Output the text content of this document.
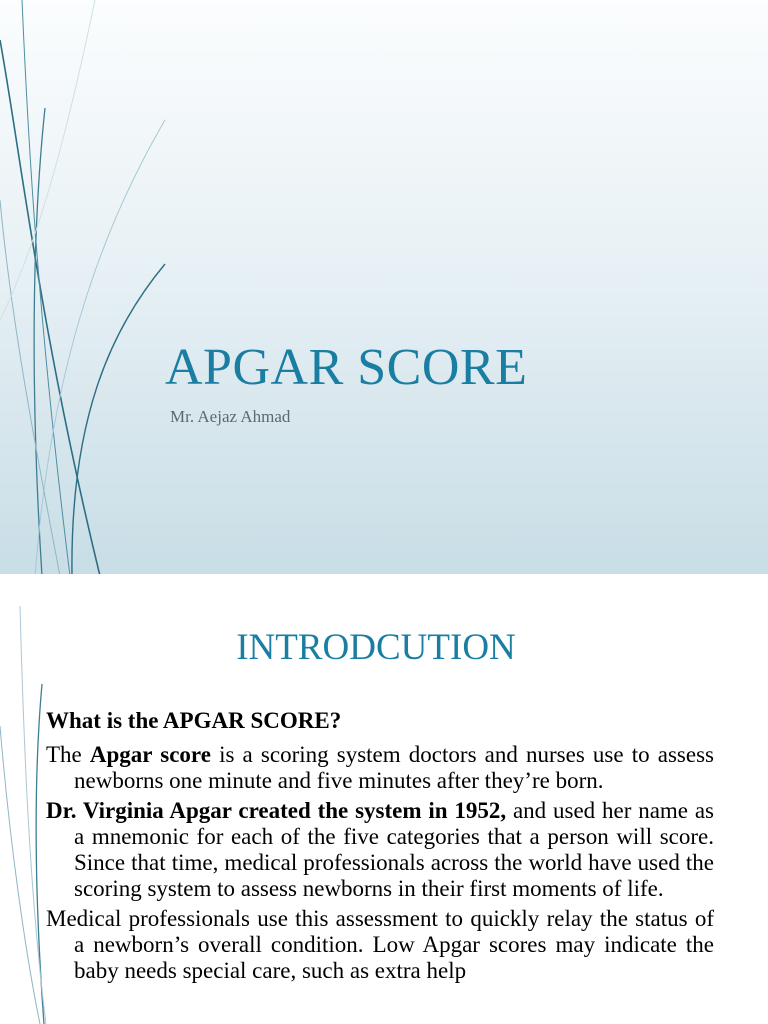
APGAR SCORE
Mr. Aejaz Ahmad
INTRODCUTION

What is the APGAR SCORE?

The Apgar score is a scoring system doctors and nurses use to assess newborns one minute and five minutes after they’re born.

Dr. Virginia Apgar created the system in 1952, and used her name as a mnemonic for each of the five categories that a person will score. Since that time, medical professionals across the world have used the scoring system to assess newborns in their first moments of life.

Medical professionals use this assessment to quickly relay the status of a newborn’s overall condition. Low Apgar scores may indicate the baby needs special care, such as extra help
